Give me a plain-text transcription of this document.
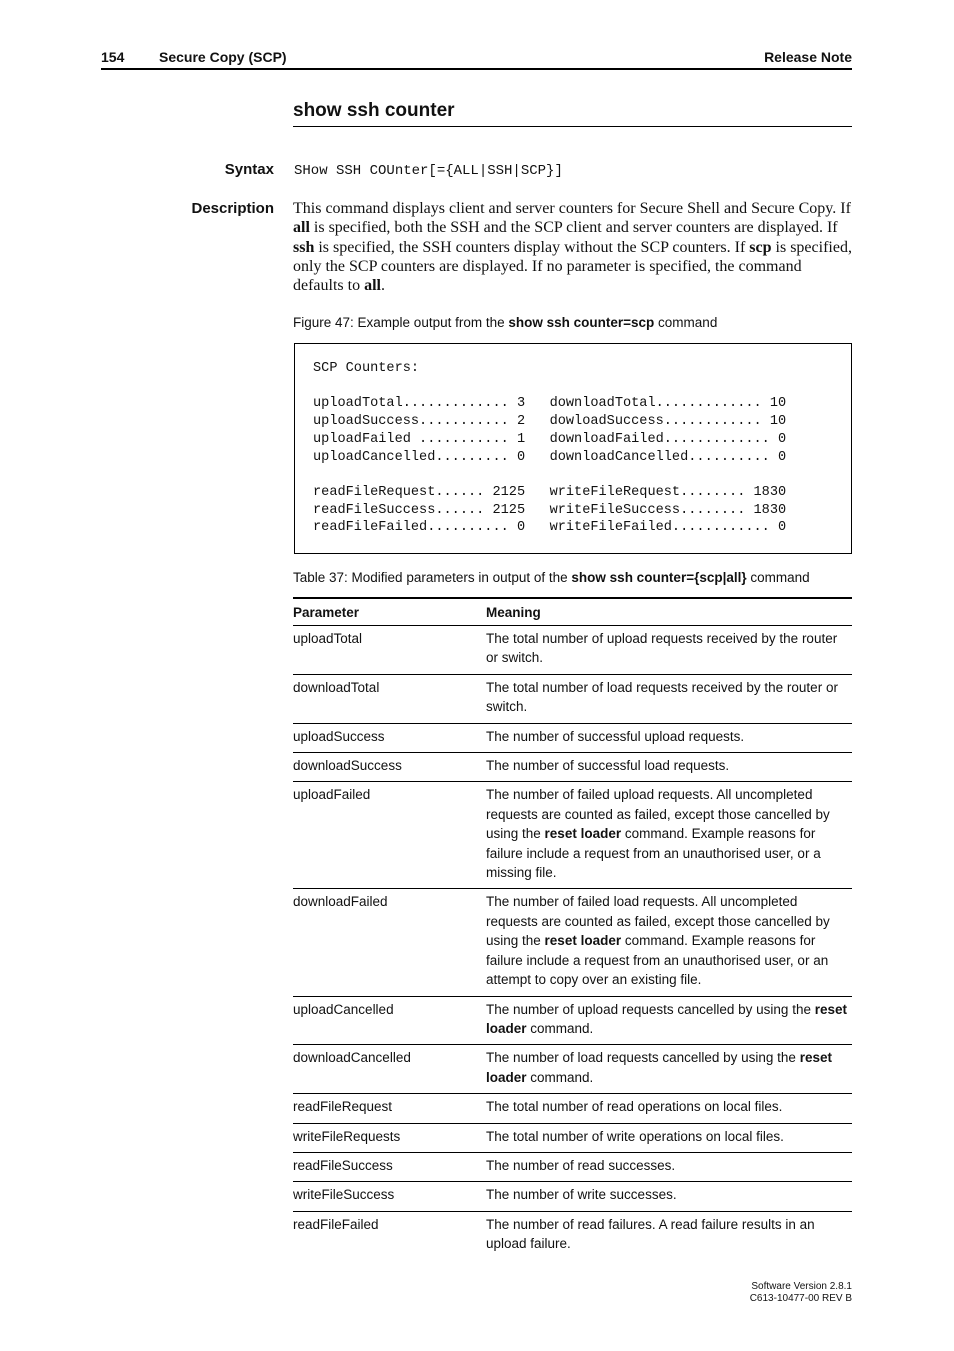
154 Secure Copy (SCP)	Release Note
show ssh counter
Syntax SHow SSH COUnter[={ALL|SSH|SCP}]
Description This command displays client and server counters for Secure Shell and Secure Copy. If all is specified, both the SSH and the SCP client and server counters are displayed. If ssh is specified, the SSH counters display without the SCP counters. If scp is specified, only the SCP counters are displayed. If no parameter is specified, the command defaults to all.

Figure 47: Example output from the show ssh counter=scp command
SCP Counters:

uploadTotal............. 3   downloadTotal............. 10
uploadSuccess........... 2   dowloadSuccess............ 10
uploadFailed ........... 1   downloadFailed............. 0
uploadCancelled......... 0   downloadCancelled.......... 0

readFileRequest...... 2125   writeFileRequest........ 1830
readFileSuccess...... 2125   writeFileSuccess........ 1830
readFileFailed.......... 0   writeFileFailed............ 0
Table 37: Modified parameters in output of the show ssh counter={scp|all} command
Parameter	Meaning
uploadTotal	The total number of upload requests received by the router or switch.
downloadTotal	The total number of load requests received by the router or switch.
uploadSuccess	The number of successful upload requests.
downloadSuccess	The number of successful load requests.
uploadFailed	The number of failed upload requests. All uncompleted requests are counted as failed, except those cancelled by using the reset loader command. Example reasons for failure include a request from an unauthorised user, or a missing file.
downloadFailed	The number of failed load requests. All uncompleted requests are counted as failed, except those cancelled by using the reset loader command. Example reasons for failure include a request from an unauthorised user, or an attempt to copy over an existing file.
uploadCancelled	The number of upload requests cancelled by using the reset loader command.
downloadCancelled	The number of load requests cancelled by using the reset loader command.
readFileRequest	The total number of read operations on local files.
writeFileRequests	The total number of write operations on local files.
readFileSuccess	The number of read successes.
writeFileSuccess	The number of write successes.
readFileFailed	The number of read failures. A read failure results in an upload failure.
Software Version 2.8.1
C613-10477-00 REV B
